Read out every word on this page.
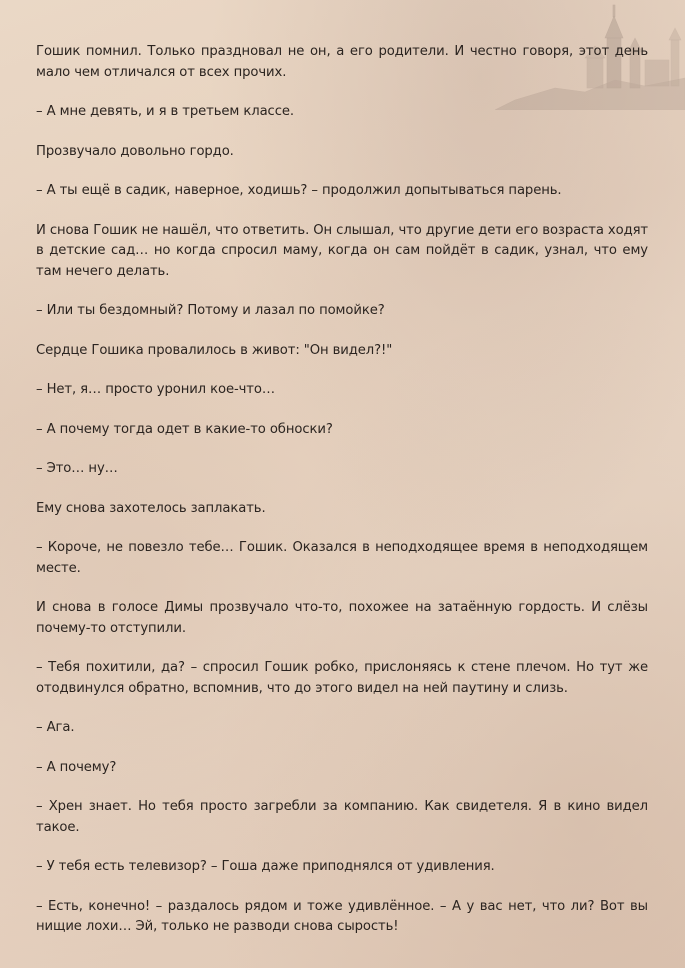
Гошик помнил. Только праздновал не он, а его родители. И честно говоря, этот день мало чем отличался от всех прочих.

– А мне девять, и я в третьем классе.

Прозвучало довольно гордо.

– А ты ещё в садик, наверное, ходишь? – продолжил допытываться парень.

И снова Гошик не нашёл, что ответить. Он слышал, что другие дети его возраста ходят в детские сад… но когда спросил маму, когда он сам пойдёт в садик, узнал, что ему там нечего делать.

– Или ты бездомный? Потому и лазал по помойке?

Сердце Гошика провалилось в живот: "Он видел?!"

– Нет, я… просто уронил кое-что…

– А почему тогда одет в какие-то обноски?

– Это… ну…

Ему снова захотелось заплакать.

– Короче, не повезло тебе… Гошик. Оказался в неподходящее время в неподходящем месте.

И снова в голосе Димы прозвучало что-то, похожее на затаённую гордость. И слёзы почему-то отступили.

– Тебя похитили, да? – спросил Гошик робко, прислоняясь к стене плечом. Но тут же отодвинулся обратно, вспомнив, что до этого видел на ней паутину и слизь.

– Ага.

– А почему?

– Хрен знает. Но тебя просто загребли за компанию. Как свидетеля. Я в кино видел такое.

– У тебя есть телевизор? – Гоша даже приподнялся от удивления.

– Есть, конечно! – раздалось рядом и тоже удивлённое. – А у вас нет, что ли? Вот вы нищие лохи… Эй, только не разводи снова сырость!
